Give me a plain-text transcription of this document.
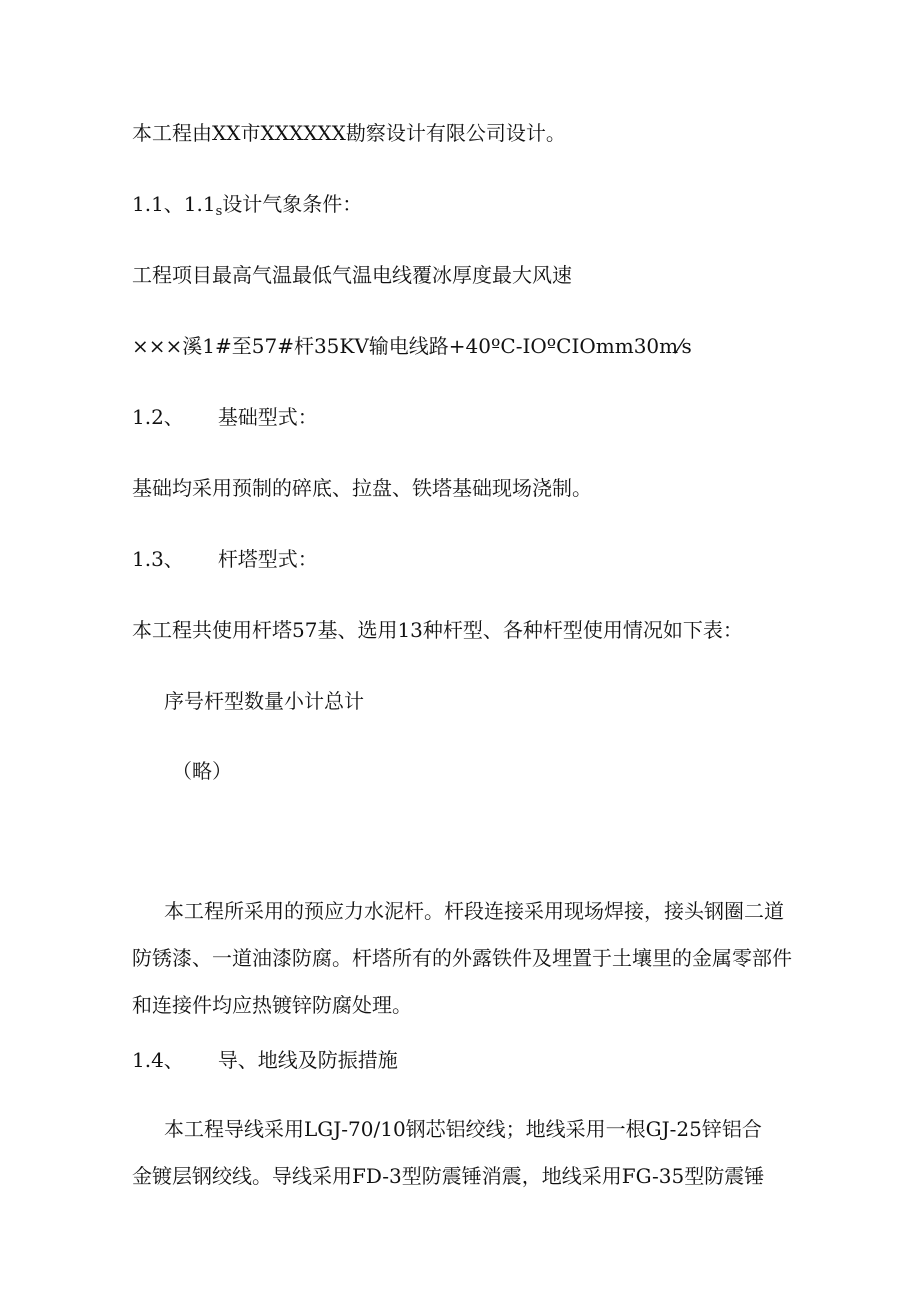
本工程由XX市XXXXXX勘察设计有限公司设计。

1.1、$1.1_s$设计气象条件：

工程项目最高气温最低气温电线覆冰厚度最大风速

×××溪1#至57#杆35KV输电线路+40ºC-IOºCIOmm30m⁄s

1.2、 基础型式：

基础均采用预制的碎底、拉盘、铁塔基础现场浇制。

1.3、 杆塔型式：

本工程共使用杆塔57基、选用13种杆型、各种杆型使用情况如下表：

序号杆型数量小计总计

（略）

本工程所采用的预应力水泥杆。杆段连接采用现场焊接，接头钢圈二道

防锈漆、一道油漆防腐。杆塔所有的外露铁件及埋置于土壤里的金属零部件

和连接件均应热镀锌防腐处理。

1.4、 导、地线及防振措施

本工程导线采用LGJ-70/10钢芯铝绞线；地线采用一根GJ-25锌铝合

金镀层钢绞线。导线采用FD-3型防震锤消震，地线采用FG-35型防震锤
